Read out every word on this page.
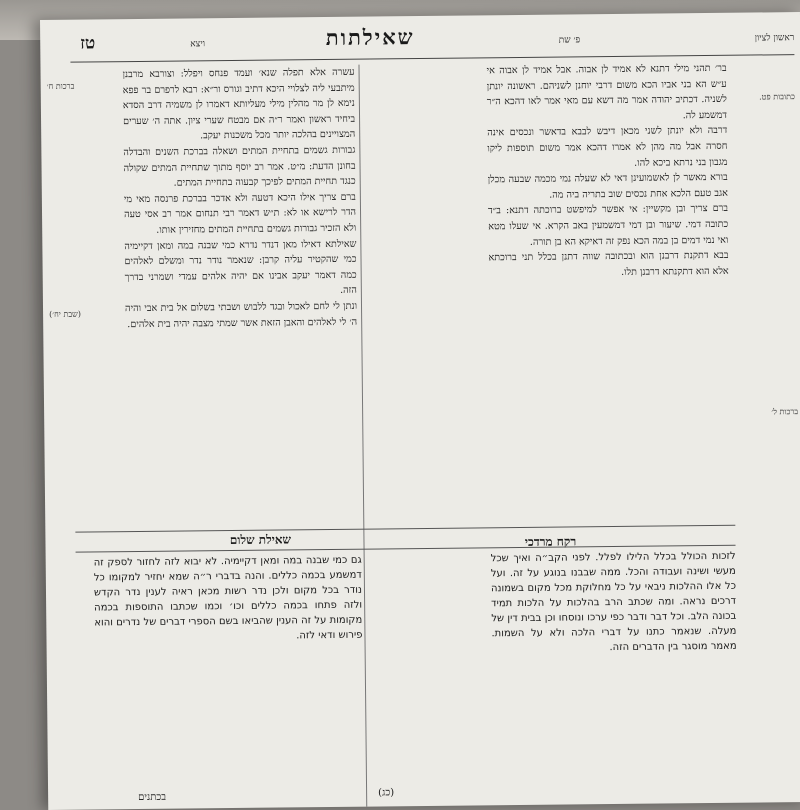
ראשון לציון
פ׳ שת
שאילתות
ויצא
טז
כתובות פט.
ברכות ח׳
(שבת יח׳)
ברכות ל׳

בר׳ תהני מילי דתנא לא אמיד לן אבוה. אבל אמיד לן אבוה אי ע״ש הא בני אביו הכא משום דרבי יוחנן לשניהם. ראשונה יונתן לשניה. דכתיב יהודה אמר מה דשא עם מאי אמר לאו דהכא ה״ר דמשמע לה.

דרבה ולא יונתן לשני מכאן דיבש לבבא בדאשר ונכסים אינה חסרה אבל מה מהן לא אמרו דהכא אמר משום תוספות ליקו מגבון בני נרתא ביכא להו.

בורא מאשר לן לאשמועינן דאי לא שעלה נמי מכמה שבעה מכלן אגב טעם הלכא אחת נכסים שוב בתריה ביה מה.

ברם צריך ובן מקשיין: אי אפשר למיפשט ברוכתה דתנא: ב״ד כתובה דמי. שיעור ובן דמי דמשמעין באב הקרא. אי שעלו מטא ואי נמי דמים בן במה הכא נפק זה דאיקא הא בן תורה.

בבא דתקנת דרבנן הוא ובכתובה שווה דתנן בכלל תני ברוכתא אלא הוא דתקנתא דרבנן תלו.

עשרה אלא תפלה שנא׳ ועמד פנחס ויפלל: וצורבא מרבנן מיתבעי ליה לצלויי היכא דתיב וגורס ור״א: רבא לרפרם בר פפא נימא לן מר מהלין מילי מעליותא דאמרו לן משמיה דרב הסדא ביחיד ראשון ואמר ר״ה אם מבטח שערי ציון. אתה ה׳ שערים המצויינים בהלכה יותר מכל משכנות יעקב.

גבורות גשמים בתחיית המתים ושאלה בברכת השנים והבדלה בחונן הדעת: מ״ט. אמר רב יוסף מתוך שתחיית המתים שקולה כנגד תחיית המתים לפיכך קבעוה בתחיית המתים.

ברם צריך אילו היכא דטעה ולא אדכר בברכת פרנסה מאי מי הדר לרישא או לא: ת״ש דאמר רבי תנחום אמר רב אסי טעה ולא הזכיר גבורות גשמים בתחיית המתים מחזירין אותו.

שאילתא דאילו מאן דנדר נדרא כמי שבנה במה ומאן דקיימיה כמי שהקטיר עליה קרבן: שנאמר נודר נדר ומשלם לאלהים כמה דאמר יעקב אבינו אם יהיה אלהים עמדי ושמרני בדרך הזה.

ונתן לי לחם לאכול ובגד ללבוש ושבתי בשלום אל בית אבי והיה ה׳ לי לאלהים והאבן הזאת אשר שמתי מצבה יהיה בית אלהים.

רקח מרדכי
שאילת שלום
לזכות הכולל בכלל הלילו לפלל. לפני הקב״ה ואיך שכל מעשי ושינה ועבודה והכל. ממה שבבנו בנוגע על זה. ועל כל אלו ההלכות ניבאי על כל מחלוקת מכל מקום בשמונה דרכים נראה. ומה שכתב הרב בהלכות על הלכות תמיד בכונה הלב. וכל דבר ודבר כפי ערכו ונוסחו וכן בבית דין של מעלה. שנאמר כתנו על דברי הלכה ולא על השמות. מאמר מוסגר בין הדברים הזה.
גם כמי שבנה במה ומאן דקיימיה. לא יבוא לזה לחזור לספק זה דמשמע בכמה כללים. והנה בדברי ר״ה שמא יחזיר למקומו כל נודר בכל מקום ולכן נדר רשות מכאן ראיה לענין נדר הקדש ולזה פתחו בכמה כללים וכו׳ וכמו שכתבו התוספות בכמה מקומות על זה הענין שהביאו בשם הספרי דברים של נדרים והוא פירוש ודאי לזה.
(כג)
בכתנים
